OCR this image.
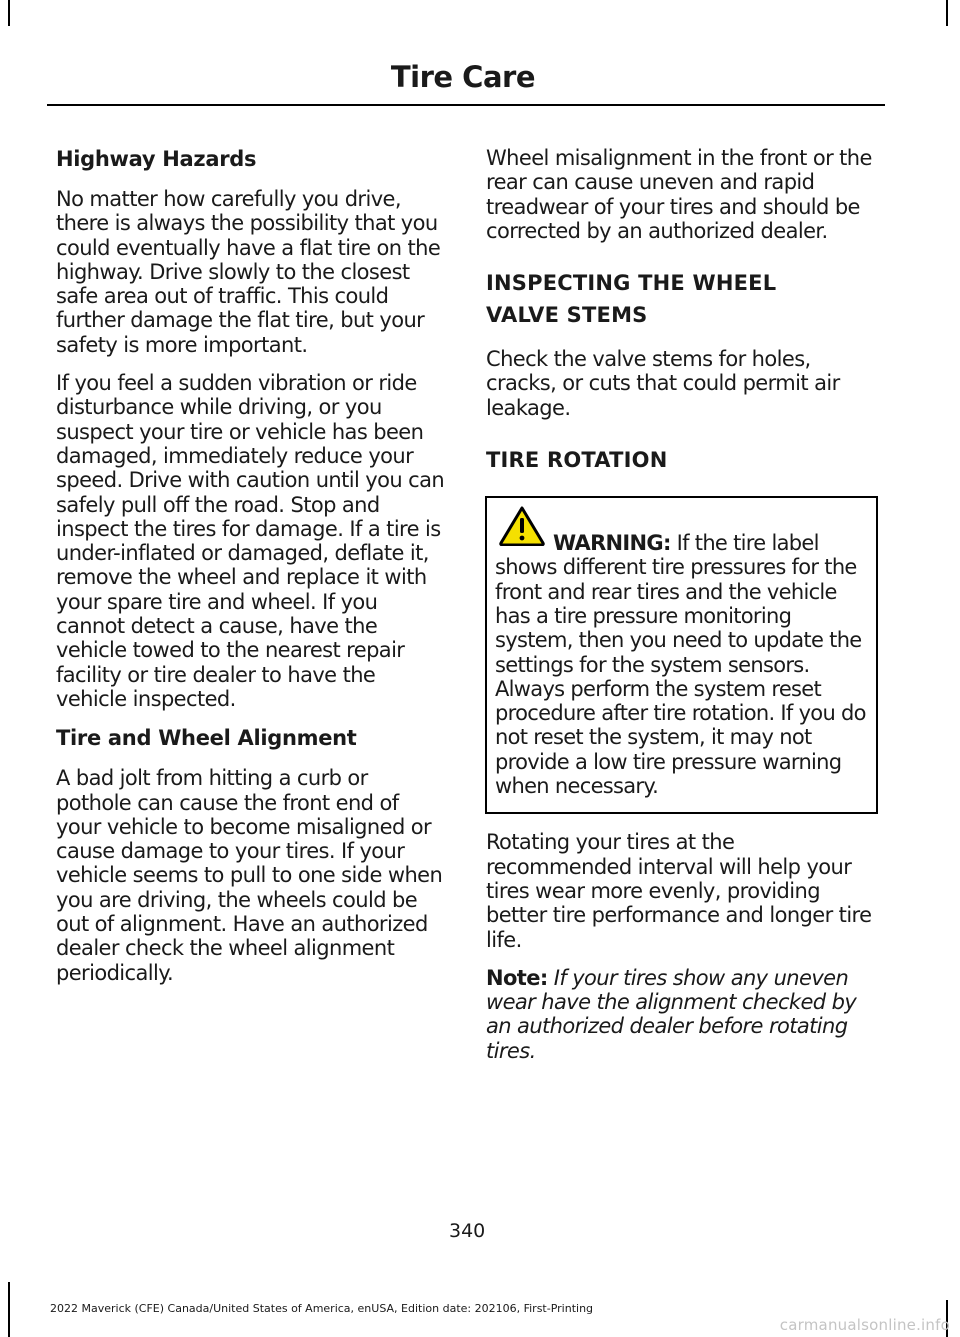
Tire Care
Highway Hazards

No matter how carefully you drive, there is always the possibility that you could eventually have a flat tire on the highway. Drive slowly to the closest safe area out of traffic. This could further damage the flat tire, but your safety is more important.

If you feel a sudden vibration or ride disturbance while driving, or you suspect your tire or vehicle has been damaged, immediately reduce your speed. Drive with caution until you can safely pull off the road. Stop and inspect the tires for damage. If a tire is under-inflated or damaged, deflate it, remove the wheel and replace it with your spare tire and wheel. If you cannot detect a cause, have the vehicle towed to the nearest repair facility or tire dealer to have the vehicle inspected.

Tire and Wheel Alignment

A bad jolt from hitting a curb or pothole can cause the front end of your vehicle to become misaligned or cause damage to your tires. If your vehicle seems to pull to one side when you are driving, the wheels could be out of alignment. Have an authorized dealer check the wheel alignment periodically.

Wheel misalignment in the front or the rear can cause uneven and rapid treadwear of your tires and should be corrected by an authorized dealer.

INSPECTING THE WHEEL
VALVE STEMS

Check the valve stems for holes, cracks, or cuts that could permit air leakage.

TIRE ROTATION

WARNING: If the tire label shows different tire pressures for the front and rear tires and the vehicle has a tire pressure monitoring system, then you need to update the settings for the system sensors. Always perform the system reset procedure after tire rotation. If you do not reset the system, it may not provide a low tire pressure warning when necessary.

Rotating your tires at the recommended interval will help your tires wear more evenly, providing better tire performance and longer tire life.

Note: If your tires show any uneven wear have the alignment checked by an authorized dealer before rotating tires.

340
2022 Maverick (CFE) Canada/United States of America, enUSA, Edition date: 202106, First-Printing
carmanualsonline.info
